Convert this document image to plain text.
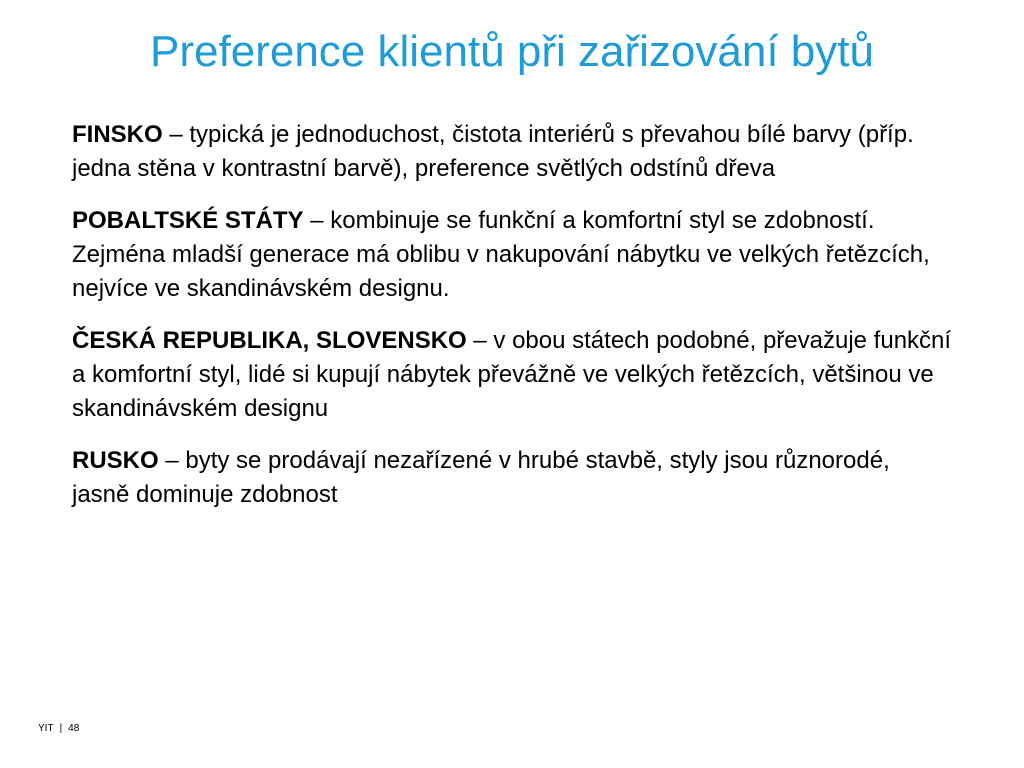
Preference klientů při zařizování bytů

FINSKO – typická je jednoduchost, čistota interiérů s převahou bílé barvy (příp. jedna stěna v kontrastní barvě), preference světlých odstínů dřeva

POBALTSKÉ STÁTY – kombinuje se funkční a komfortní styl se zdobností. Zejména mladší generace má oblibu v nakupování nábytku ve velkých řetězcích, nejvíce ve skandinávském designu.

ČESKÁ REPUBLIKA, SLOVENSKO – v obou státech podobné, převažuje funkční a komfortní styl, lidé si kupují nábytek převážně ve velkých řetězcích, většinou ve skandinávském designu

RUSKO – byty se prodávají nezařízené v hrubé stavbě, styly jsou různorodé, jasně dominuje zdobnost

YIT | 48
